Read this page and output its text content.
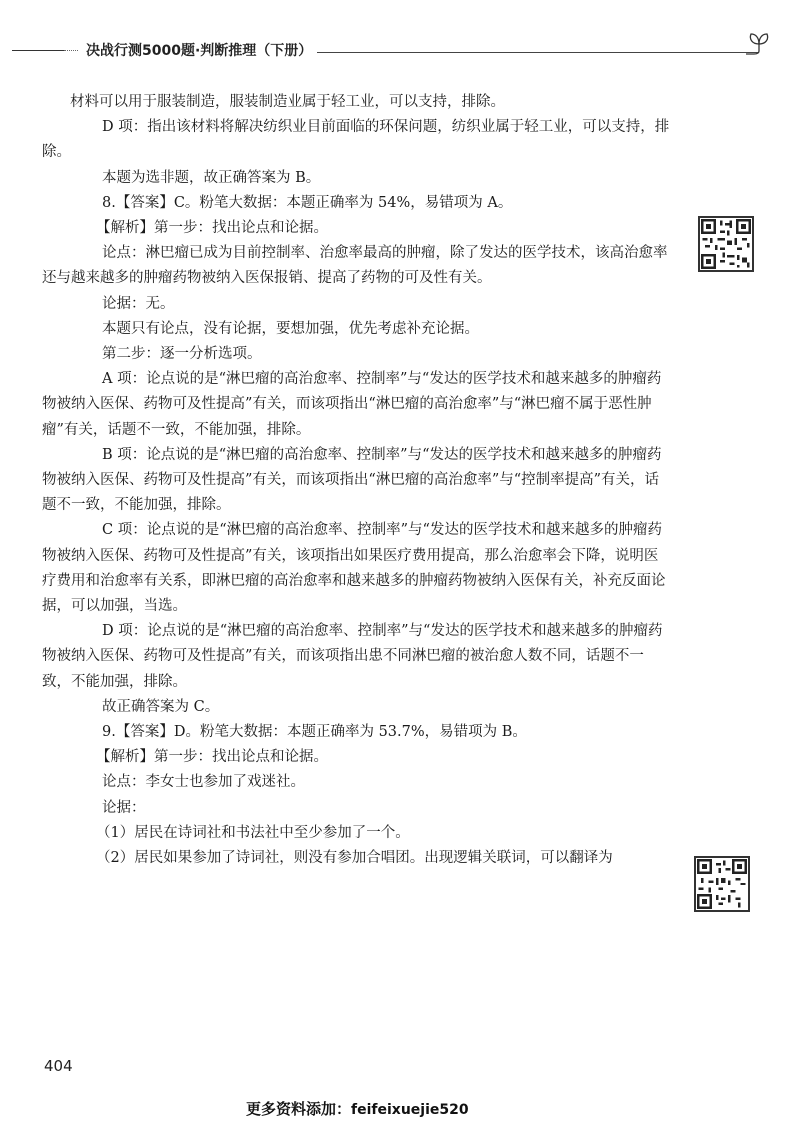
决战行测5000题·判断推理（下册）

材料可以用于服装制造，服装制造业属于轻工业，可以支持，排除。

D 项：指出该材料将解决纺织业目前面临的环保问题，纺织业属于轻工业，可以支持，排除。

本题为选非题，故正确答案为 B。

8.【答案】C。粉笔大数据：本题正确率为 54%，易错项为 A。

【解析】第一步：找出论点和论据。

论点：淋巴瘤已成为目前控制率、治愈率最高的肿瘤，除了发达的医学技术，该高治愈率还与越来越多的肿瘤药物被纳入医保报销、提高了药物的可及性有关。

论据：无。

本题只有论点，没有论据，要想加强，优先考虑补充论据。

第二步：逐一分析选项。

A 项：论点说的是“淋巴瘤的高治愈率、控制率”与“发达的医学技术和越来越多的肿瘤药物被纳入医保、药物可及性提高”有关，而该项指出“淋巴瘤的高治愈率”与“淋巴瘤不属于恶性肿瘤”有关，话题不一致，不能加强，排除。

B 项：论点说的是“淋巴瘤的高治愈率、控制率”与“发达的医学技术和越来越多的肿瘤药物被纳入医保、药物可及性提高”有关，而该项指出“淋巴瘤的高治愈率”与“控制率提高”有关，话题不一致，不能加强，排除。

C 项：论点说的是“淋巴瘤的高治愈率、控制率”与“发达的医学技术和越来越多的肿瘤药物被纳入医保、药物可及性提高”有关，该项指出如果医疗费用提高，那么治愈率会下降，说明医疗费用和治愈率有关系，即淋巴瘤的高治愈率和越来越多的肿瘤药物被纳入医保有关，补充反面论据，可以加强，当选。

D 项：论点说的是“淋巴瘤的高治愈率、控制率”与“发达的医学技术和越来越多的肿瘤药物被纳入医保、药物可及性提高”有关，而该项指出患不同淋巴瘤的被治愈人数不同，话题不一致，不能加强，排除。

故正确答案为 C。

9.【答案】D。粉笔大数据：本题正确率为 53.7%，易错项为 B。

【解析】第一步：找出论点和论据。

论点：李女士也参加了戏迷社。

论据：

（1）居民在诗词社和书法社中至少参加了一个。

（2）居民如果参加了诗词社，则没有参加合唱团。出现逻辑关联词，可以翻译为

404
更多资料添加：feifeixuejie520
